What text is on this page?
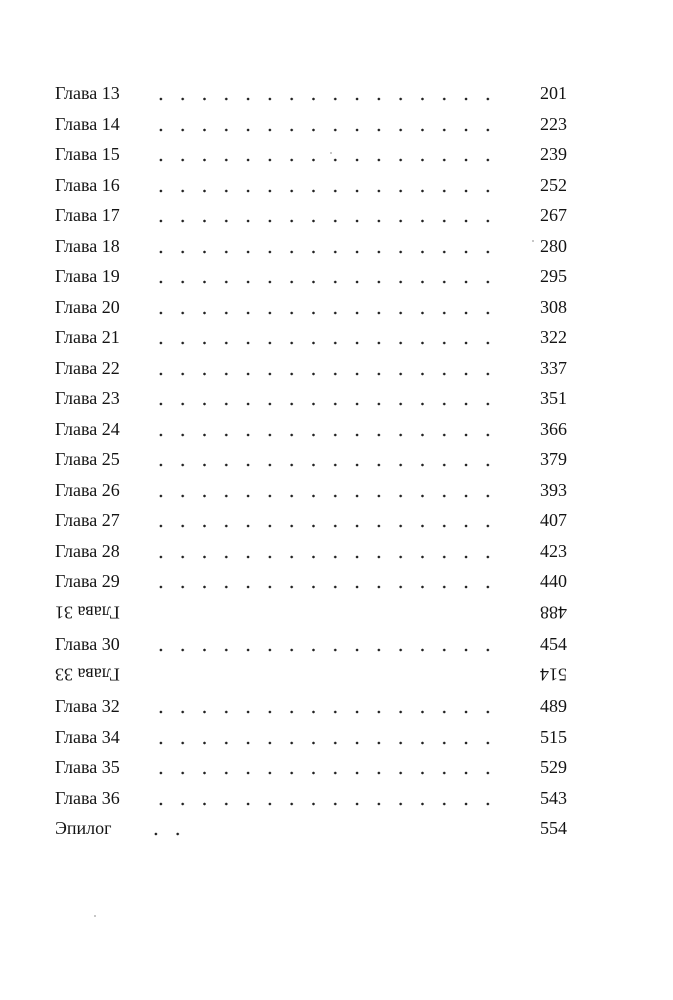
Глава 13	201
Глава 14	223
Глава 15	239
Глава 16	252
Глава 17	267
Глава 18	280
Глава 19	295
Глава 20	308
Глава 21	322
Глава 22	337
Глава 23	351
Глава 24	366
Глава 25	379
Глава 26	393
Глава 27	407
Глава 28	423
Глава 29	440
Глава 31	488
Глава 30	454
Глава 33	514
Глава 32	489
Глава 34	515
Глава 35	529
Глава 36	543
Эпилог	554
